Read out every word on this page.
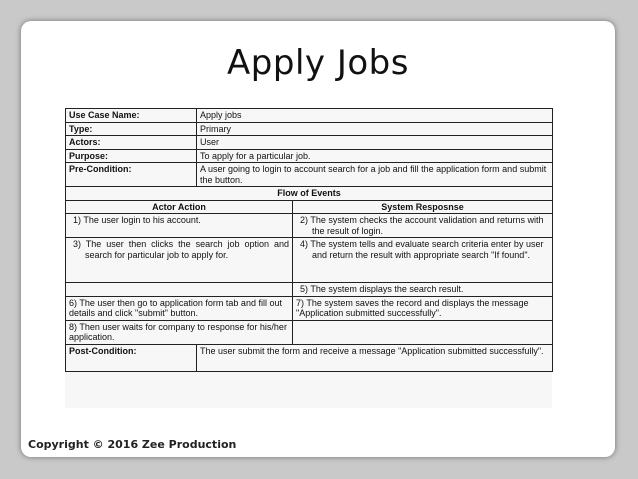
Apply Jobs
Use Case Name:	Apply jobs	
Type:	Primary	
Actors:	User	
Purpose:	To apply for a particular job.	
Pre-Condition:	A user going to login to account search for a job and fill the application form and submit the button.	
Flow of Events		
Actor Action		System Resposnse

1) The user login to his account.		2) The system checks the account validation and returns with the result of login.

3) The user then clicks the search job option and search for particular job to apply for.		4) The system tells and evaluate search criteria enter by user and return the result with appropriate search "If found".

		5) The system displays the search result.

6) The user then go to application form tab and fill out details and click "submit" button.		7) The system saves the record and displays the message "Application submitted successfully".
8) Then user waits for company to response for his/her application.		
Post-Condition:	The user submit the form and receive a message "Application submitted successfully".	
Copyright © 2016 Zee Production
